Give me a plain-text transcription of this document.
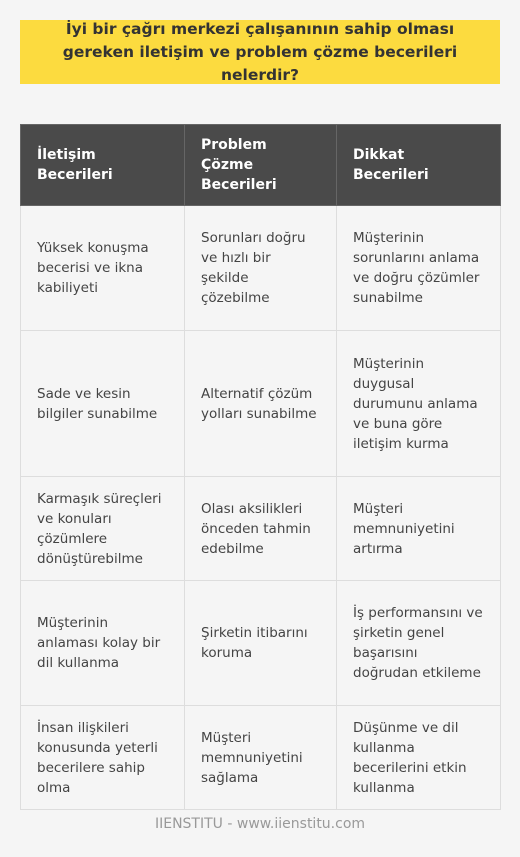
İyi bir çağrı merkezi çalışanının sahip olması gereken iletişim ve problem çözme becerileri nelerdir?
İletişim Becerileri	Problem Çözme Becerileri	Dikkat Becerileri
Yüksek konuşma becerisi ve ikna kabiliyeti	Sorunları doğru ve hızlı bir şekilde çözebilme	Müşterinin sorunlarını anlama ve doğru çözümler sunabilme
Sade ve kesin bilgiler sunabilme	Alternatif çözüm yolları sunabilme	Müşterinin duygusal durumunu anlama ve buna göre iletişim kurma
Karmaşık süreçleri ve konuları çözümlere dönüştürebilme	Olası aksilikleri önceden tahmin edebilme	Müşteri memnuniyetini artırma
Müşterinin anlaması kolay bir dil kullanma	Şirketin itibarını koruma	İş performansını ve şirketin genel başarısını doğrudan etkileme
İnsan ilişkileri konusunda yeterli becerilere sahip olma	Müşteri memnuniyetini sağlama	Düşünme ve dil kullanma becerilerini etkin kullanma
IIENSTITU - www.iienstitu.com
